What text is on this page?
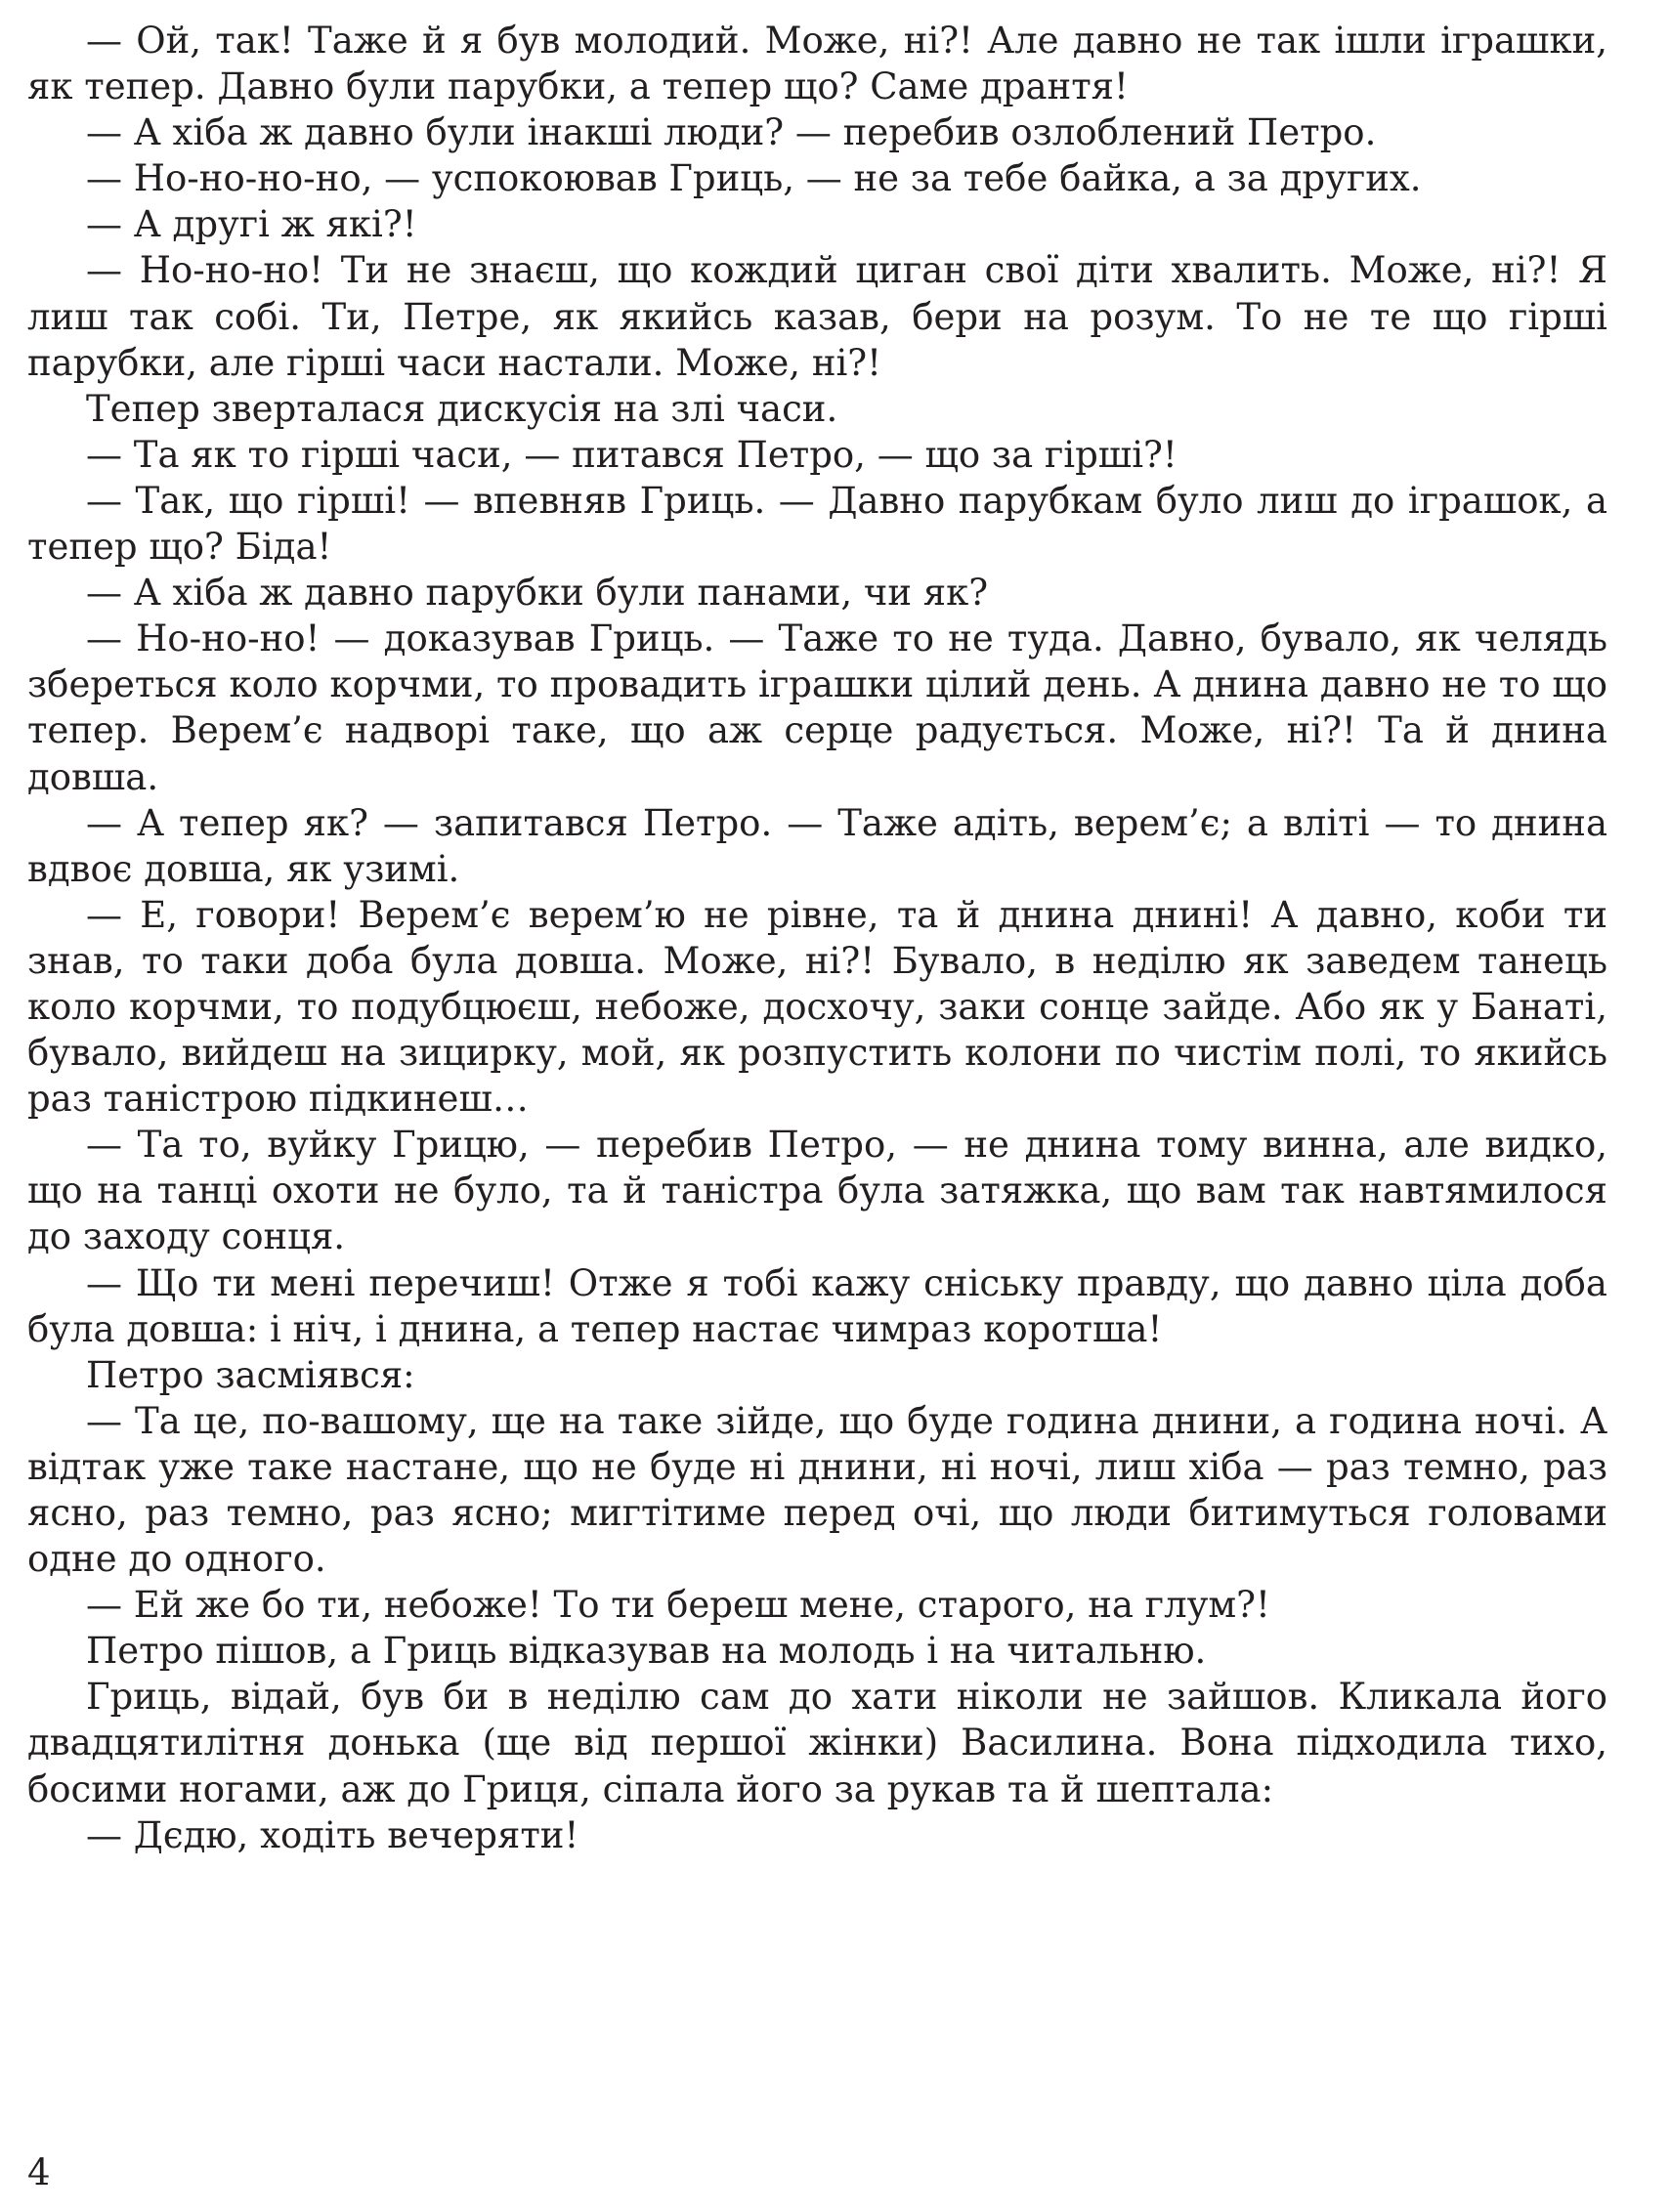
— Ой, так! Таже й я був молодий. Може, ні?! Але давно не так ішли іграшки, як тепер. Давно були парубки, а тепер що? Саме дрантя!

— А хіба ж давно були інакші люди? — перебив озлоблений Петро.

— Но-но-но-но, — успокоював Гриць, — не за тебе байка, а за других.

— А другі ж які?!

— Но-но-но! Ти не знаєш, що кождий циган свої діти хвалить. Може, ні?! Я лиш так собі. Ти, Петре, як якийсь казав, бери на розум. То не те що гірші парубки, але гірші часи настали. Може, ні?!

Тепер зверталася дискусія на злі часи.

— Та як то гірші часи, — питався Петро, — що за гірші?!

— Так, що гірші! — впевняв Гриць. — Давно парубкам було лиш до іграшок, а тепер що? Біда!

— А хіба ж давно парубки були панами, чи як?

— Но-но-но! — доказував Гриць. — Таже то не туда. Давно, бувало, як челядь збереться коло корчми, то провадить іграшки цілий день. А днина давно не то що тепер. Верем’є надворі таке, що аж серце радується. Може, ні?! Та й днина довша.

— А тепер як? — запитався Петро. — Таже адіть, верем’є; а вліті — то днина вдвоє довша, як узимі.

— Е, говори! Верем’є верем’ю не рівне, та й днина днині! А давно, коби ти знав, то таки доба була довша. Може, ні?! Бувало, в неділю як заведем танець коло корчми, то подубцюєш, небоже, досхочу, заки сонце зайде. Або як у Банаті, бувало, вийдеш на зицирку, мой, як розпустить колони по чистім полі, то якийсь раз таністрою підкинеш…

— Та то, вуйку Грицю, — перебив Петро, — не днина тому винна, але видко, що на танці охоти не було, та й таністра була затяжка, що вам так навтямилося до заходу сонця.

— Що ти мені перечиш! Отже я тобі кажу сніську правду, що давно ціла доба була довша: і ніч, і днина, а тепер настає чимраз коротша!

Петро засміявся:

— Та це, по-вашому, ще на таке зійде, що буде година днини, а година ночі. А відтак уже таке настане, що не буде ні днини, ні ночі, лиш хіба — раз темно, раз ясно, раз темно, раз ясно; мигтітиме перед очі, що люди битимуться головами одне до одного.

— Ей же бо ти, небоже! То ти береш мене, старого, на глум?!

Петро пішов, а Гриць відказував на молодь і на читальню.

Гриць, відай, був би в неділю сам до хати ніколи не зайшов. Кликала його двадцятилітня донька (ще від першої жінки) Василина. Вона підходила тихо, босими ногами, аж до Гриця, сіпала його за рукав та й шептала:

— Дєдю, ходіть вечеряти!

4
